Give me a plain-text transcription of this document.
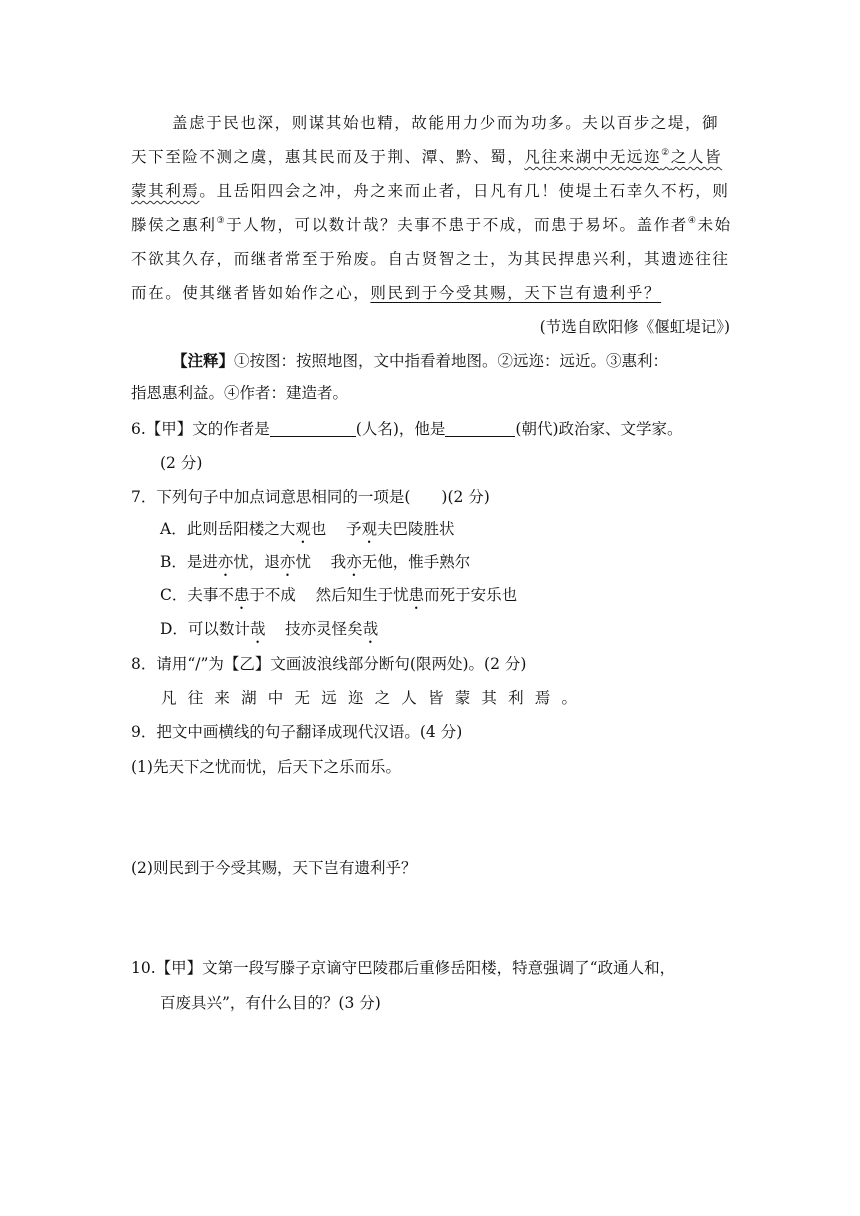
盖虑于民也深，则谋其始也精，故能用力少而为功多。夫以百步之堤，御
天下至险不测之虞，惠其民而及于荆、潭、黔、蜀，凡往来湖中无远迩②之人皆
蒙其利焉。且岳阳四会之冲，舟之来而止者，日凡有几！使堤土石幸久不朽，则
滕侯之惠利③于人物，可以数计哉？夫事不患于不成，而患于易坏。盖作者④未始
不欲其久存，而继者常至于殆废。自古贤智之士，为其民捍患兴利，其遗迹往往
而在。使其继者皆如始作之心，则民到于今受其赐，天下岂有遗利乎？
(节选自欧阳修《偃虹堤记》)
【注释】①按图：按照地图，文中指看着地图。②远迩：远近。③惠利：
指恩惠利益。④作者：建造者。
6.【甲】文的作者是	(人名)，他是	(朝代)政治家、文学家。
(2 分)
7．下列句子中加点词意思相同的一项是(　　)(2 分)
A．此则岳阳楼之大观也 予观夫巴陵胜状
B．是进亦忧，退亦忧 我亦无他，惟手熟尔
C．夫事不患于不成 然后知生于忧患而死于安乐也
D．可以数计哉 技亦灵怪矣哉
8．请用“/”为【乙】文画波浪线部分断句(限两处)。(2 分)
凡往来湖中无远迩之人皆蒙其利焉。
9．把文中画横线的句子翻译成现代汉语。(4 分)
(1)先天下之忧而忧，后天下之乐而乐。
(2)则民到于今受其赐，天下岂有遗利乎？
10.【甲】文第一段写滕子京谪守巴陵郡后重修岳阳楼，特意强调了“政通人和，
百废具兴”，有什么目的？(3 分)
